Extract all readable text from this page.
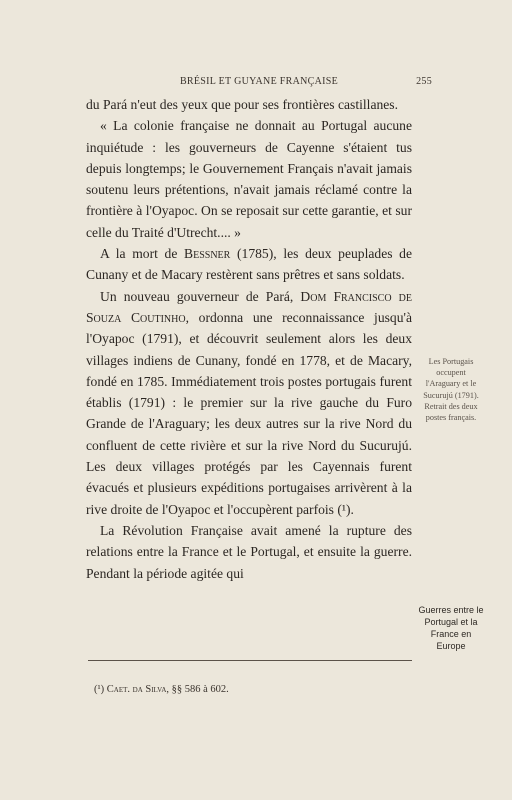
BRÉSIL ET GUYANE FRANÇAISE	255

du Pará n'eut des yeux que pour ses frontières castillanes.

« La colonie française ne donnait au Portugal aucune inquiétude : les gouverneurs de Cayenne s'étaient tus depuis longtemps; le Gouvernement Français n'avait jamais soutenu leurs prétentions, n'avait jamais réclamé contre la frontière à l'Oyapoc. On se reposait sur cette garantie, et sur celle du Traité d'Utrecht.... »

A la mort de Bessner (1785), les deux peuplades de Cunany et de Macary restèrent sans prêtres et sans soldats.

Un nouveau gouverneur de Pará, Dom Francisco de Souza Coutinho, ordonna une reconnaissance jusqu'à l'Oyapoc (1791), et découvrit seulement alors les deux villages indiens de Cunany, fondé en 1778, et de Macary, fondé en 1785. Immédiatement trois postes portugais furent établis (1791) : le premier sur la rive gauche du Furo Grande de l'Araguary; les deux autres sur la rive Nord du confluent de cette rivière et sur la rive Nord du Sucurujú. Les deux villages protégés par les Cayennais furent évacués et plusieurs expéditions portugaises arrivèrent à la rive droite de l'Oyapoc et l'occupèrent parfois (¹).

La Révolution Française avait amené la rupture des relations entre la France et le Portugal, et ensuite la guerre. Pendant la période agitée qui

Les Portugais occupent l'Araguary et le Sucurujú (1791). Retrait des deux postes français.
Guerres entre le Portugal et la France en Europe
(¹) Caet. da Silva, §§ 586 à 602.
